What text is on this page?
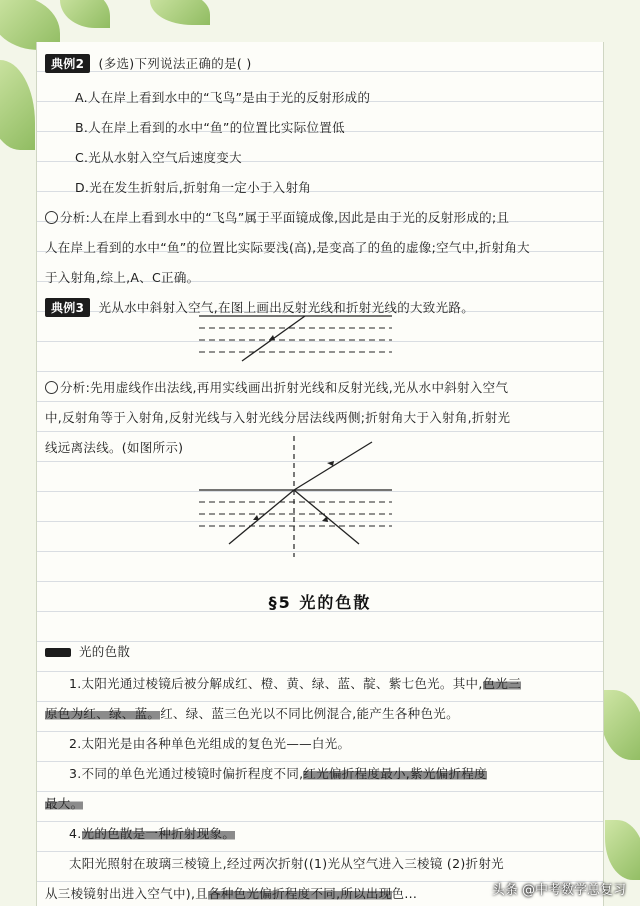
典例2 (多选)下列说法正确的是( )
A.人在岸上看到水中的“飞鸟”是由于光的反射形成的
B.人在岸上看到的水中“鱼”的位置比实际位置低
C.光从水射入空气后速度变大
D.光在发生折射后,折射角一定小于入射角
分析:人在岸上看到水中的“飞鸟”属于平面镜成像,因此是由于光的反射形成的;且
人在岸上看到的水中“鱼”的位置比实际要浅(高),是变高了的鱼的虚像;空气中,折射角大
于入射角,综上,A、C正确。
典例3 光从水中斜射入空气,在图上画出反射光线和折射光线的大致光路。
分析:先用虚线作出法线,再用实线画出折射光线和反射光线,光从水中斜射入空气
中,反射角等于入射角,反射光线与入射光线分居法线两侧;折射角大于入射角,折射光
线远离法线。(如图所示)
§5 光的色散
光的色散
1.太阳光通过棱镜后被分解成红、橙、黄、绿、蓝、靛、紫七色光。其中,色光三
原色为红、绿、蓝。红、绿、蓝三色光以不同比例混合,能产生各种色光。
2.太阳光是由各种单色光组成的复色光——白光。
3.不同的单色光通过棱镜时偏折程度不同,红光偏折程度最小,紫光偏折程度
最大。
4.光的色散是一种折射现象。
太阳光照射在玻璃三棱镜上,经过两次折射((1)光从空气进入三棱镜 (2)折射光
从三棱镜射出进入空气中),且各种色光偏折程度不同,所以出现色...	头条 @中考数学总复习
